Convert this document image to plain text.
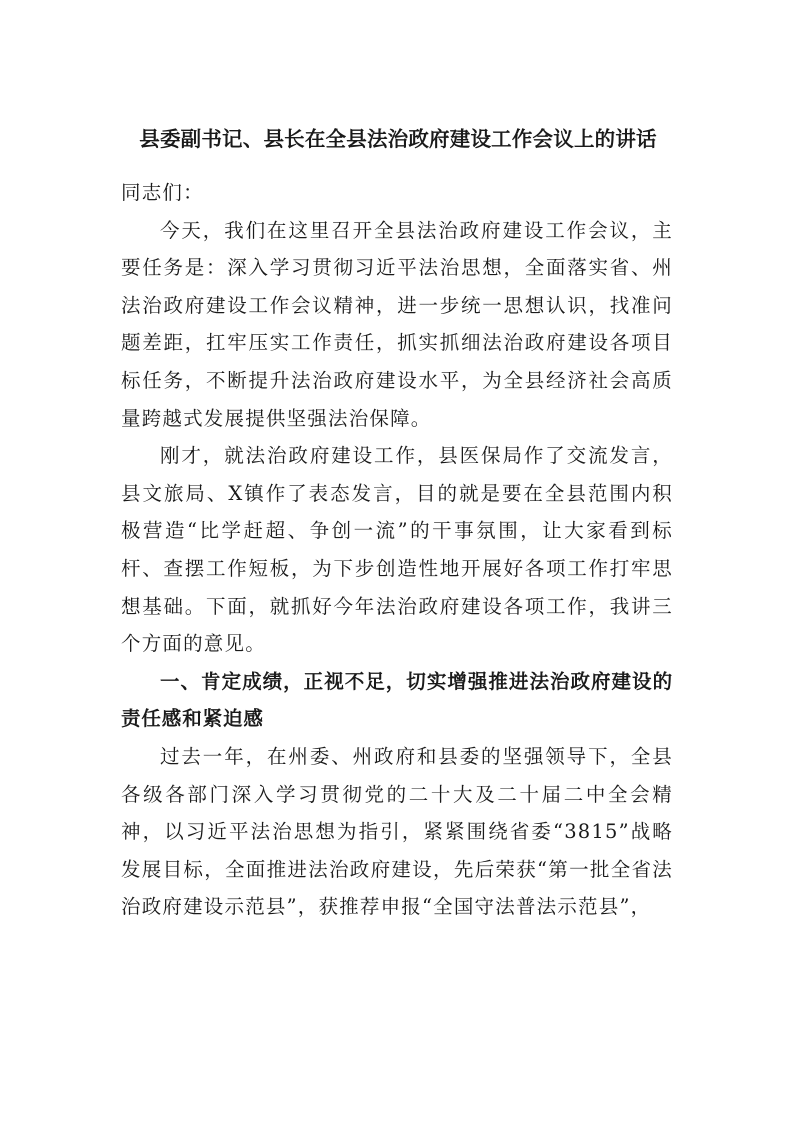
县委副书记、县长在全县法治政府建设工作会议上的讲话

同志们：

今天，我们在这里召开全县法治政府建设工作会议，主要任务是：深入学习贯彻习近平法治思想，全面落实省、州法治政府建设工作会议精神，进一步统一思想认识，找准问题差距，扛牢压实工作责任，抓实抓细法治政府建设各项目标任务，不断提升法治政府建设水平，为全县经济社会高质量跨越式发展提供坚强法治保障。

刚才，就法治政府建设工作，县医保局作了交流发言，县文旅局、X镇作了表态发言，目的就是要在全县范围内积极营造“比学赶超、争创一流”的干事氛围，让大家看到标杆、查摆工作短板，为下步创造性地开展好各项工作打牢思想基础。下面，就抓好今年法治政府建设各项工作，我讲三个方面的意见。

一、肯定成绩，正视不足，切实增强推进法治政府建设的责任感和紧迫感

过去一年，在州委、州政府和县委的坚强领导下，全县各级各部门深入学习贯彻党的二十大及二十届二中全会精神，以习近平法治思想为指引，紧紧围绕省委“3815”战略发展目标，全面推进法治政府建设，先后荣获“第一批全省法治政府建设示范县”，获推荐申报“全国守法普法示范县”，
